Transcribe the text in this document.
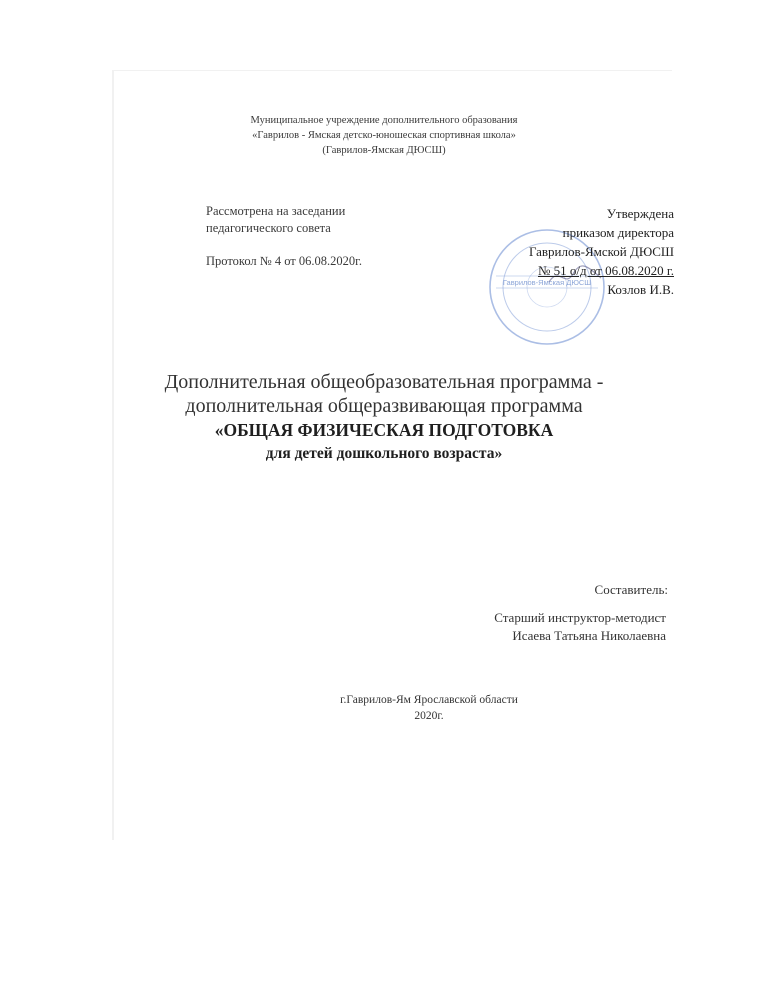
Муниципальное учреждение дополнительного образования
«Гаврилов - Ямская детско-юношеская спортивная школа»
(Гаврилов-Ямская ДЮСШ)
Рассмотрена на заседании
педагогического совета
Протокол № 4 от 06.08.2020г.
Гаврилов-Ямская ДЮСШ
Утверждена
приказом директора
Гаврилов-Ямской ДЮСШ
№ 51 о/д от 06.08.2020 г.
Козлов И.В.
Дополнительная общеобразовательная программа -
дополнительная общеразвивающая программа
«ОБЩАЯ ФИЗИЧЕСКАЯ ПОДГОТОВКА
для детей дошкольного возраста»
Составитель:
Старший инструктор-методист
Исаева Татьяна Николаевна
г.Гаврилов-Ям Ярославской области
2020г.
